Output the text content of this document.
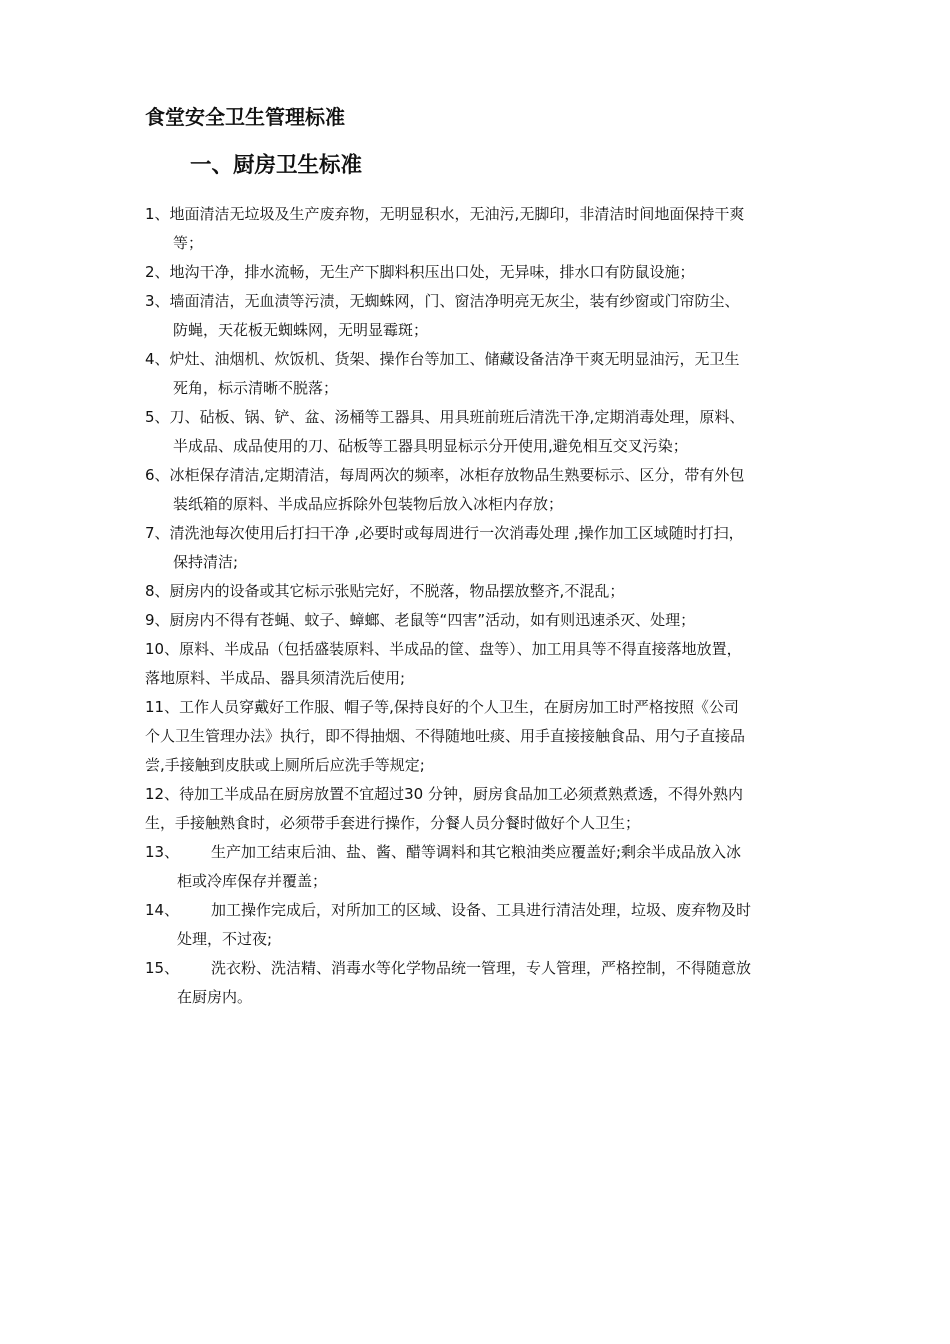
食堂安全卫生管理标准
一、厨房卫生标准
1、地面清洁无垃圾及生产废弃物，无明显积水，无油污,无脚印，非清洁时间地面保持干爽
等；
2、地沟干净，排水流畅，无生产下脚料积压出口处，无异味，排水口有防鼠设施；
3、墙面清洁，无血渍等污渍，无蜘蛛网，门、窗洁净明亮无灰尘，装有纱窗或门帘防尘、
防蝇，天花板无蜘蛛网，无明显霉斑；
4、炉灶、油烟机、炊饭机、货架、操作台等加工、储藏设备洁净干爽无明显油污，无卫生
死角，标示清晰不脱落；
5、刀、砧板、锅、铲、盆、汤桶等工器具、用具班前班后清洗干净,定期消毒处理，原料、
半成品、成品使用的刀、砧板等工器具明显标示分开使用,避免相互交叉污染；
6、冰柜保存清洁,定期清洁，每周两次的频率，冰柜存放物品生熟要标示、区分，带有外包
装纸箱的原料、半成品应拆除外包装物后放入冰柜内存放；
7、清洗池每次使用后打扫干净 ,必要时或每周进行一次消毒处理 ,操作加工区域随时打扫，
保持清洁;
8、厨房内的设备或其它标示张贴完好，不脱落，物品摆放整齐,不混乱；
9、厨房内不得有苍蝇、蚊子、蟑螂、老鼠等“四害”活动，如有则迅速杀灭、处理；
10、原料、半成品（包括盛装原料、半成品的筐、盘等）、加工用具等不得直接落地放置，
落地原料、半成品、器具须清洗后使用;
11、工作人员穿戴好工作服、帽子等,保持良好的个人卫生，在厨房加工时严格按照《公司
个人卫生管理办法》执行，即不得抽烟、不得随地吐痰、用手直接接触食品、用勺子直接品
尝,手接触到皮肤或上厕所后应洗手等规定;
12、待加工半成品在厨房放置不宜超过30 分钟，厨房食品加工必须煮熟煮透，不得外熟内
生，手接触熟食时，必须带手套进行操作，分餐人员分餐时做好个人卫生；
13、 生产加工结束后油、盐、酱、醋等调料和其它粮油类应覆盖好;剩余半成品放入冰
柜或冷库保存并覆盖；
14、 加工操作完成后，对所加工的区域、设备、工具进行清洁处理，垃圾、废弃物及时
处理，不过夜;
15、 洗衣粉、洗洁精、消毒水等化学物品统一管理，专人管理，严格控制，不得随意放
在厨房内。
